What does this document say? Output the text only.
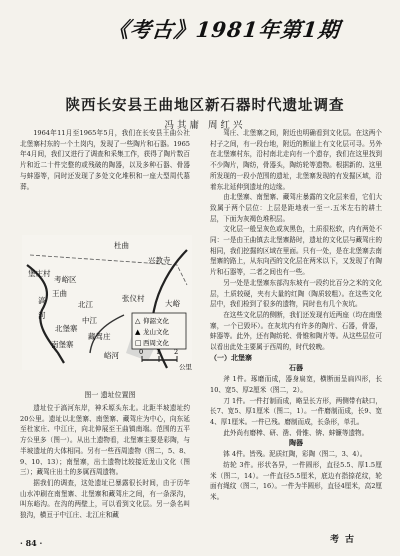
《考古》1981年第1期
陕西长安县王曲地区新石器时代遗址调查
冯其庸 周红兴

1964年11月至1965年5月，我们在长安县王曲公社北堡寨村东的一个土岗内，发现了一些陶片和石器。1965年4月间，我们又进行了调查和采集工作，获得了陶片数百片和近二十件完整的或残破的陶器，以及多种石器、骨器与蚌器等，同时还发现了多处文化堆积和一座大型周代墓葬。

△ 仰韶文化
▲ 龙山文化
□ 西周文化
0 1 2
公里
杜曲
兴教寺
堡庄村
考峪区
王曲
北江
张仪村
中江
北堡寨
藏驾庄
南堡寨
大峪
峪河
滈
河
图一 遗址位置图

遗址位于滈河东岸，神禾塬头东北。北距半坡遗址约20公里。遗址以北堡寨、南堡寨、藏驾庄为中心，向东延至杜家庄、中江庄，向北伸展至王曲镇南端。范围的五平方公里多（图一）。从出土遗物看，北堡寨主要是彩陶，与半坡遗址的大体相同。另有一些西周遗物（图二，5、8、9、10、13）；南堡寨，出土遗物比较接近龙山文化（图三）；藏驾庄出土的多属西周遗物。

据我们的调查，这处遗址已暴露很长时间，由于历年山水冲刷在南堡寨、北堡寨和藏驾庄之间，有一条深沟，叫东峪沟。在沟的两壁上，可以看到文化层。另一条名叫狼沟，横亘于中江庄、北江庄和藏

驾庄、北堡寨之间，附近也明确看到文化层。在这两个村子之间，有一段台地，附近的断崖上有文化层可寻。另外在北堡寨村东，沿村南北走向有一个遗存，我们在这里找到不少陶片，陶纺，骨器头，陶纺轮等遗物。根据新的、这里所发现的一段小范围的遗址，北堡寨发现的有发掘区域，沿着东北延伸到遗址的边缘。

由北堡寨、南堡寨、藏驾庄暴露的文化层来看，它们大致属于两个层位：上层是距地表一至一.五米左右的耕土层，下面为灰褐色堆积层。

文化层一般呈灰色或灰黑色，土质很松软，内有两处不同：一是由王曲镇去北堡寨路时，遗址的文化层与藏驾庄的相同，我们挖掘的区域在里面。只有一处，是在北堡寨去南堡寨的路上，从东向西的文化层在两米以下，又发现了有陶片和石器等，二者之间也有一些。

另一处是北堡寨东部沟东坡有一段约比百分之米的文化层，土质较硬，夹有大量的红陶（陶质较粗）。在这些文化层中，我们检到了很多的遗物，同时也有几个灰坑。

在这些文化层的侧断，我们还发现有近两座（均在南堡寨，一个已毁坏）。在灰坑内有许多的陶片、石器，骨器，蚌器等。此外，还有陶纺轮、骨锥和陶片等。从这些层位可以看出此处主要属于西周的，时代较晚。

（一）北堡寨

石器

斧 1件。琢磨而成，器身扁宽，横断面呈扁四形，长10、宽5、厚2厘米（图二，2）。

刀 1件。一件打制而成，略呈长方形，两侧带有缺口，长7、宽5、厚1厘米（图二，1）。一件磨制而成，长9、宽4、厚1厘米。一件已残。磨制而成，长条形，单孔。

此外尚有磨棒、研、凿、骨锥、锛、蚌镰等遗物。

陶器

钵 4件。皆残。泥质红陶，彩陶（图二，3、4）。

纺轮 3件。形状各异，一件圆形，直径5.5、厚1.5厘米（图二，14）。一件直径5.5厘米，底边有指捺花纹，轮面有绳纹（图二，16）。一件为半圆形，直径4厘米，高2厘米。

· 84 ·	考古
